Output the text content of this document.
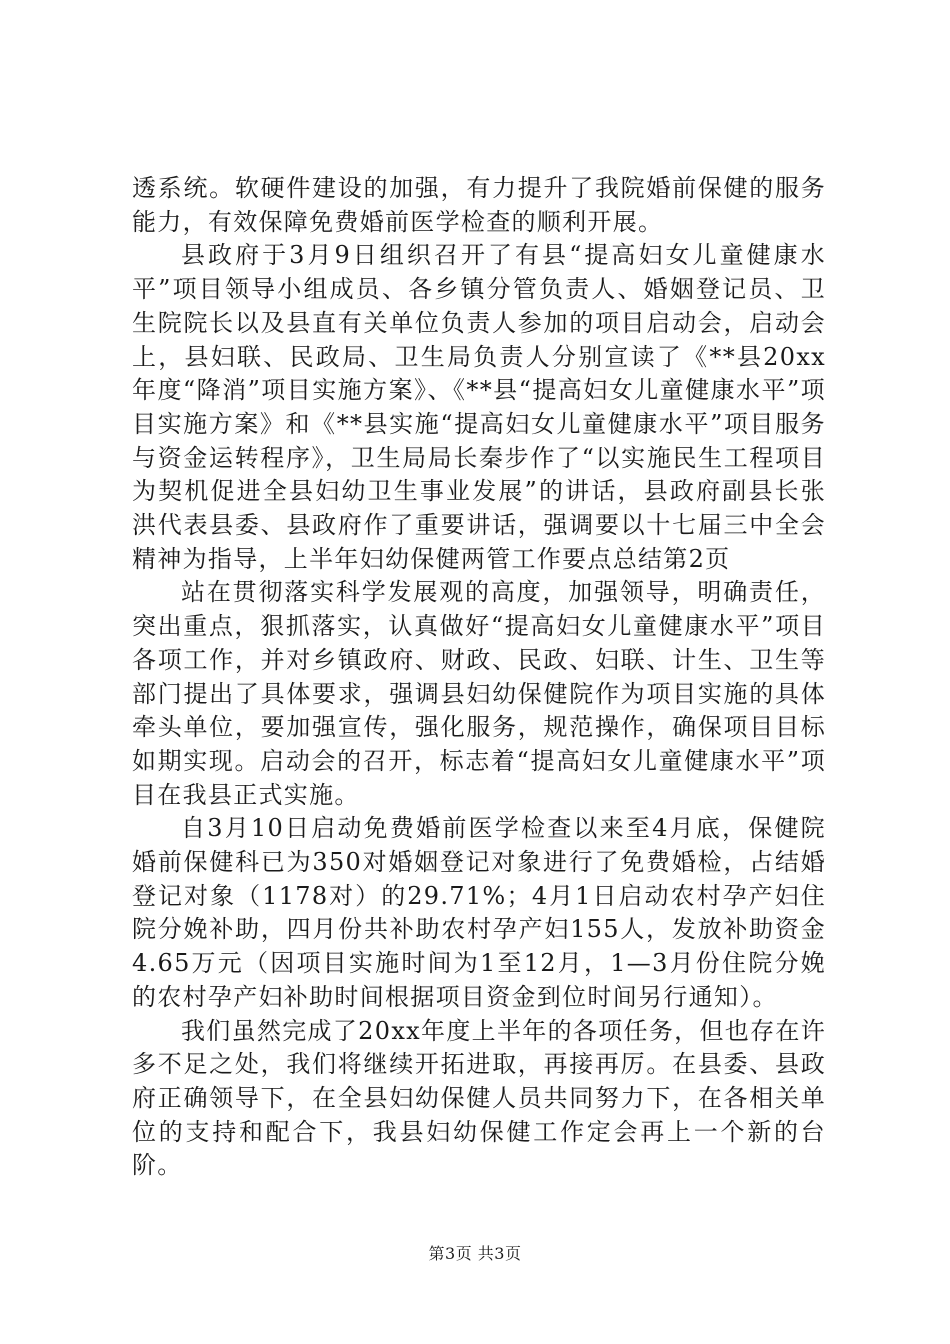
透系统。软硬件建设的加强，有力提升了我院婚前保健的服务能力，有效保障免费婚前医学检查的顺利开展。

县政府于3月9日组织召开了有县“提高妇女儿童健康水平”项目领导小组成员、各乡镇分管负责人、婚姻登记员、卫生院院长以及县直有关单位负责人参加的项目启动会，启动会上，县妇联、民政局、卫生局负责人分别宣读了《**县20xx年度“降消”项目实施方案》、《**县“提高妇女儿童健康水平”项目实施方案》和《**县实施“提高妇女儿童健康水平”项目服务与资金运转程序》，卫生局局长秦步作了“以实施民生工程项目为契机促进全县妇幼卫生事业发展”的讲话，县政府副县长张洪代表县委、县政府作了重要讲话，强调要以十七届三中全会精神为指导，上半年妇幼保健两管工作要点总结第2页

站在贯彻落实科学发展观的高度，加强领导，明确责任，突出重点，狠抓落实，认真做好“提高妇女儿童健康水平”项目各项工作，并对乡镇政府、财政、民政、妇联、计生、卫生等部门提出了具体要求，强调县妇幼保健院作为项目实施的具体牵头单位，要加强宣传，强化服务，规范操作，确保项目目标如期实现。启动会的召开，标志着“提高妇女儿童健康水平”项目在我县正式实施。

自3月10日启动免费婚前医学检查以来至4月底，保健院婚前保健科已为350对婚姻登记对象进行了免费婚检，占结婚登记对象（1178对）的29.71%；4月1日启动农村孕产妇住院分娩补助，四月份共补助农村孕产妇155人，发放补助资金4.65万元（因项目实施时间为1至12月，1—3月份住院分娩的农村孕产妇补助时间根据项目资金到位时间另行通知）。

我们虽然完成了20xx年度上半年的各项任务，但也存在许多不足之处，我们将继续开拓进取，再接再厉。在县委、县政府正确领导下，在全县妇幼保健人员共同努力下，在各相关单位的支持和配合下，我县妇幼保健工作定会再上一个新的台阶。

第3页 共3页
